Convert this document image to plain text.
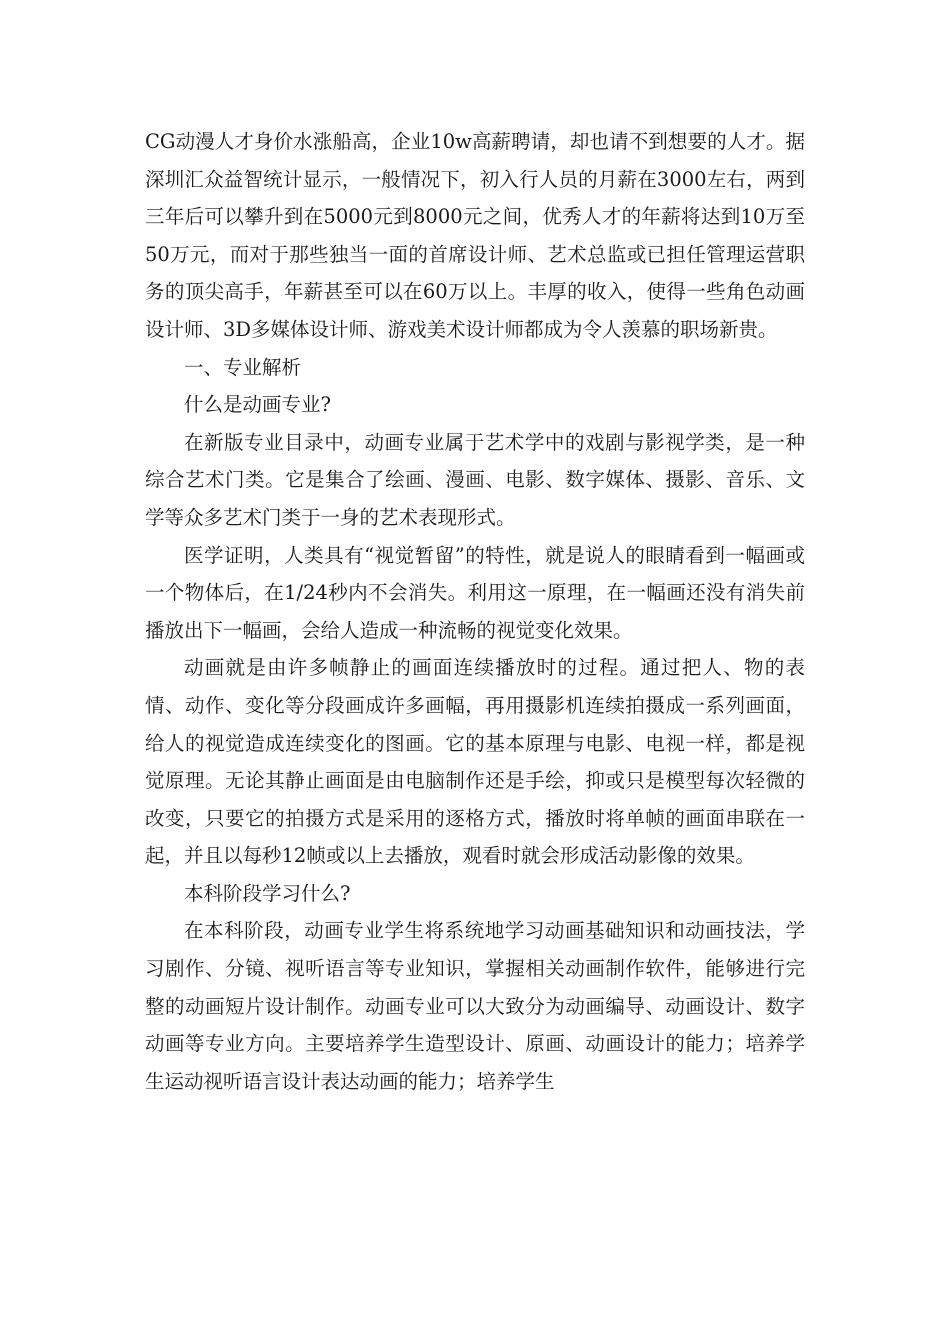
CG动漫人才身价水涨船高，企业10w高薪聘请，却也请不到想要的人才。据深圳汇众益智统计显示，一般情况下，初入行人员的月薪在3000左右，两到三年后可以攀升到在5000元到8000元之间，优秀人才的年薪将达到10万至50万元，而对于那些独当一面的首席设计师、艺术总监或已担任管理运营职务的顶尖高手，年薪甚至可以在60万以上。丰厚的收入，使得一些角色动画设计师、3D多媒体设计师、游戏美术设计师都成为令人羡慕的职场新贵。

一、专业解析

什么是动画专业?

在新版专业目录中，动画专业属于艺术学中的戏剧与影视学类，是一种综合艺术门类。它是集合了绘画、漫画、电影、数字媒体、摄影、音乐、文学等众多艺术门类于一身的艺术表现形式。

医学证明，人类具有“视觉暂留”的特性，就是说人的眼睛看到一幅画或一个物体后，在1/24秒内不会消失。利用这一原理，在一幅画还没有消失前播放出下一幅画，会给人造成一种流畅的视觉变化效果。

动画就是由许多帧静止的画面连续播放时的过程。通过把人、物的表情、动作、变化等分段画成许多画幅，再用摄影机连续拍摄成一系列画面，给人的视觉造成连续变化的图画。它的基本原理与电影、电视一样，都是视觉原理。无论其静止画面是由电脑制作还是手绘，抑或只是模型每次轻微的改变，只要它的拍摄方式是采用的逐格方式，播放时将单帧的画面串联在一起，并且以每秒12帧或以上去播放，观看时就会形成活动影像的效果。

本科阶段学习什么?

在本科阶段，动画专业学生将系统地学习动画基础知识和动画技法，学习剧作、分镜、视听语言等专业知识，掌握相关动画制作软件，能够进行完整的动画短片设计制作。动画专业可以大致分为动画编导、动画设计、数字动画等专业方向。主要培养学生造型设计、原画、动画设计的能力；培养学生运动视听语言设计表达动画的能力；培养学生
